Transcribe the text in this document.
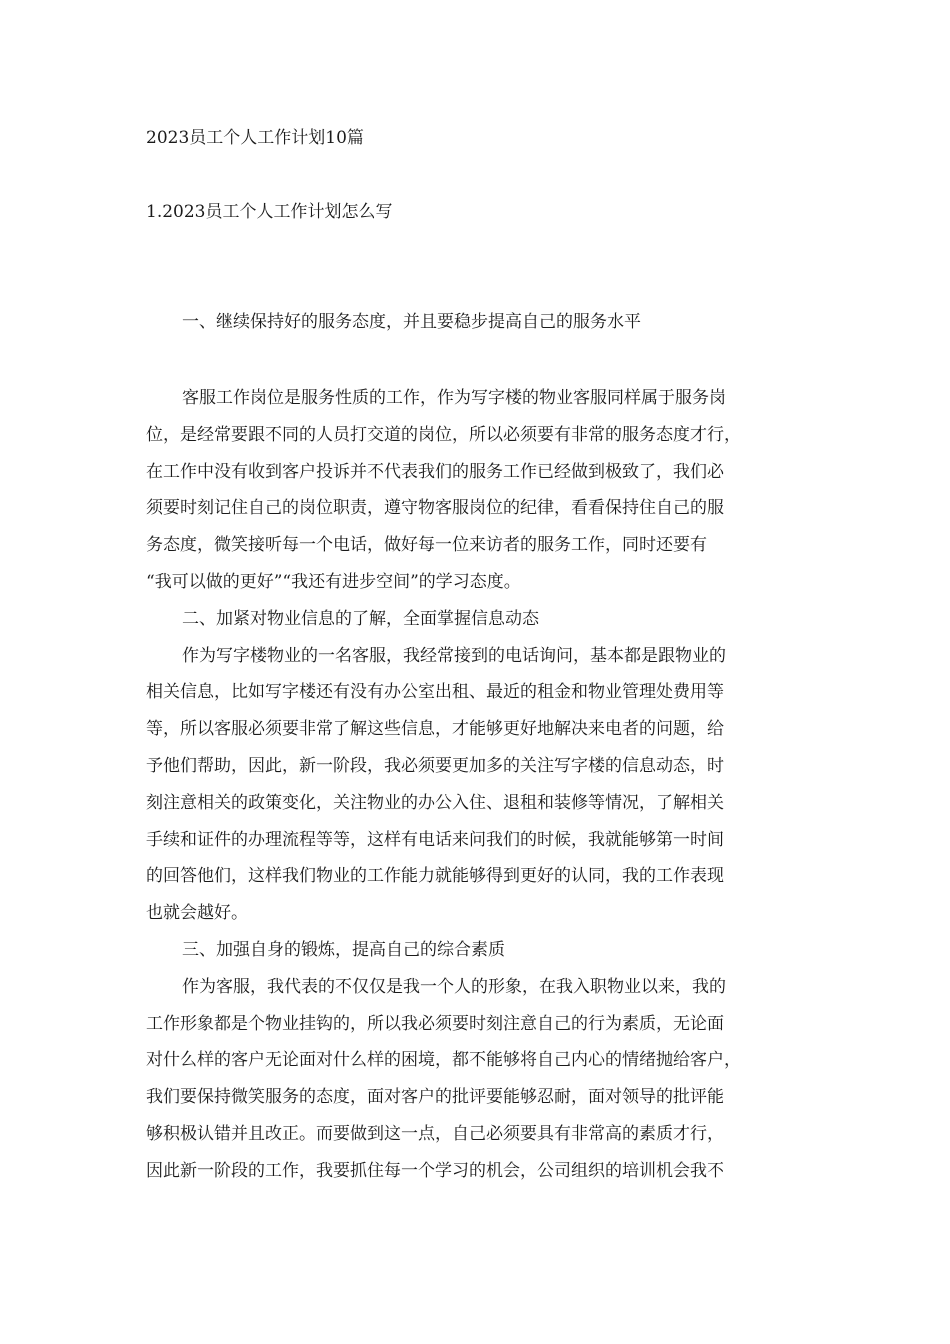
2023员工个人工作计划10篇
1.2023员工个人工作计划怎么写

一、继续保持好的服务态度，并且要稳步提高自己的服务水平

客服工作岗位是服务性质的工作，作为写字楼的物业客服同样属于服务岗

位，是经常要跟不同的人员打交道的岗位，所以必须要有非常的服务态度才行，

在工作中没有收到客户投诉并不代表我们的服务工作已经做到极致了，我们必

须要时刻记住自己的岗位职责，遵守物客服岗位的纪律，看看保持住自己的服

务态度，微笑接听每一个电话，做好每一位来访者的服务工作，同时还要有

“我可以做的更好”“我还有进步空间”的学习态度。

二、加紧对物业信息的了解，全面掌握信息动态

作为写字楼物业的一名客服，我经常接到的电话询问，基本都是跟物业的

相关信息，比如写字楼还有没有办公室出租、最近的租金和物业管理处费用等

等，所以客服必须要非常了解这些信息，才能够更好地解决来电者的问题，给

予他们帮助，因此，新一阶段，我必须要更加多的关注写字楼的信息动态，时

刻注意相关的政策变化，关注物业的办公入住、退租和装修等情况，了解相关

手续和证件的办理流程等等，这样有电话来问我们的时候，我就能够第一时间

的回答他们，这样我们物业的工作能力就能够得到更好的认同，我的工作表现

也就会越好。

三、加强自身的锻炼，提高自己的综合素质

作为客服，我代表的不仅仅是我一个人的形象，在我入职物业以来，我的

工作形象都是个物业挂钩的，所以我必须要时刻注意自己的行为素质，无论面

对什么样的客户无论面对什么样的困境，都不能够将自己内心的情绪抛给客户，

我们要保持微笑服务的态度，面对客户的批评要能够忍耐，面对领导的批评能

够积极认错并且改正。而要做到这一点，自己必须要具有非常高的素质才行，

因此新一阶段的工作，我要抓住每一个学习的机会，公司组织的培训机会我不
